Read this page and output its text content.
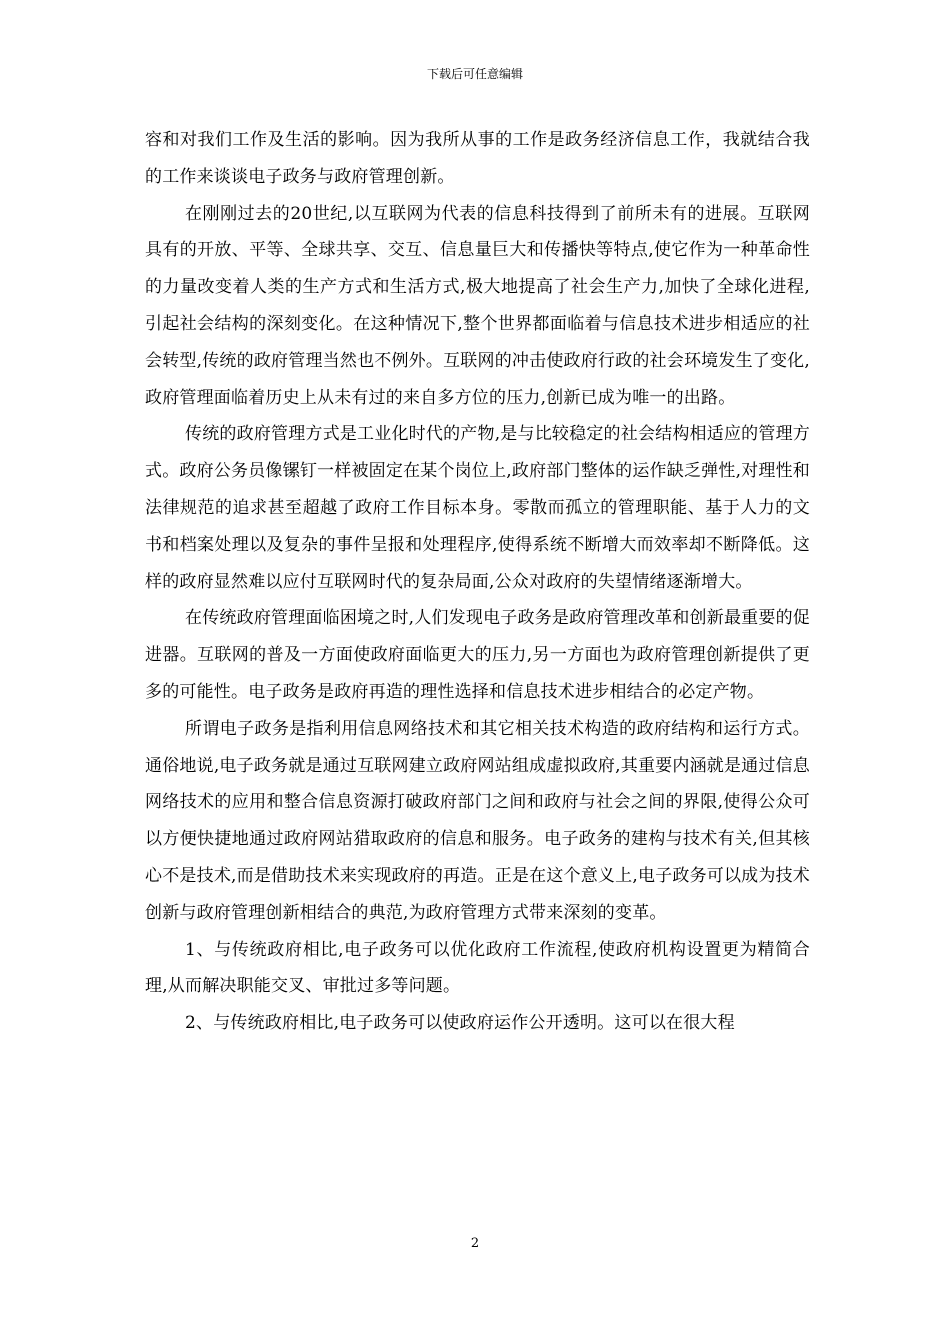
下载后可任意编辑

容和对我们工作及生活的影响。因为我所从事的工作是政务经济信息工作，我就结合我的工作来谈谈电子政务与政府管理创新。

在刚刚过去的20世纪,以互联网为代表的信息科技得到了前所未有的进展。互联网具有的开放、平等、全球共享、交互、信息量巨大和传播快等特点,使它作为一种革命性的力量改变着人类的生产方式和生活方式,极大地提高了社会生产力,加快了全球化进程,引起社会结构的深刻变化。在这种情况下,整个世界都面临着与信息技术进步相适应的社会转型,传统的政府管理当然也不例外。互联网的冲击使政府行政的社会环境发生了变化,政府管理面临着历史上从未有过的来自多方位的压力,创新已成为唯一的出路。

传统的政府管理方式是工业化时代的产物,是与比较稳定的社会结构相适应的管理方式。政府公务员像镙钉一样被固定在某个岗位上,政府部门整体的运作缺乏弹性,对理性和法律规范的追求甚至超越了政府工作目标本身。零散而孤立的管理职能、基于人力的文书和档案处理以及复杂的事件呈报和处理程序,使得系统不断增大而效率却不断降低。这样的政府显然难以应付互联网时代的复杂局面,公众对政府的失望情绪逐渐增大。

在传统政府管理面临困境之时,人们发现电子政务是政府管理改革和创新最重要的促进器。互联网的普及一方面使政府面临更大的压力,另一方面也为政府管理创新提供了更多的可能性。电子政务是政府再造的理性选择和信息技术进步相结合的必定产物。

所谓电子政务是指利用信息网络技术和其它相关技术构造的政府结构和运行方式。通俗地说,电子政务就是通过互联网建立政府网站组成虚拟政府,其重要内涵就是通过信息网络技术的应用和整合信息资源打破政府部门之间和政府与社会之间的界限,使得公众可以方便快捷地通过政府网站猎取政府的信息和服务。电子政务的建构与技术有关,但其核心不是技术,而是借助技术来实现政府的再造。正是在这个意义上,电子政务可以成为技术创新与政府管理创新相结合的典范,为政府管理方式带来深刻的变革。

1、与传统政府相比,电子政务可以优化政府工作流程,使政府机构设置更为精简合理,从而解决职能交叉、审批过多等问题。

2、与传统政府相比,电子政务可以使政府运作公开透明。这可以在很大程

2
